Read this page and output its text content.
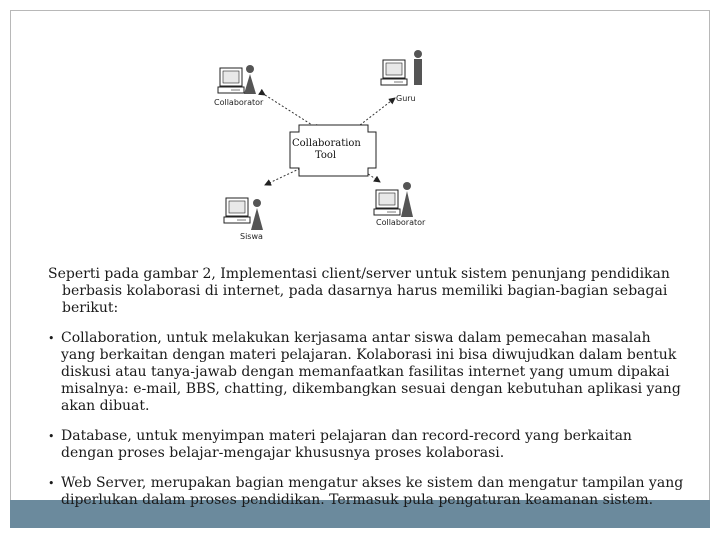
Collaborator	Guru
Collaboration
Tool
Siswa
Collaborator

Seperti pada gambar 2, Implementasi client/server untuk sistem penunjang pendidikan berbasis kolaborasi di internet, pada dasarnya harus memiliki bagian-bagian sebagai berikut:

• Collaboration, untuk melakukan kerjasama antar siswa dalam pemecahan masalah yang berkaitan dengan materi pelajaran. Kolaborasi ini bisa diwujudkan dalam bentuk diskusi atau tanya-jawab dengan memanfaatkan fasilitas internet yang umum dipakai misalnya: e-mail, BBS, chatting, dikembangkan sesuai dengan kebutuhan aplikasi yang akan dibuat.
• Database, untuk menyimpan materi pelajaran dan record-record yang berkaitan dengan proses belajar-mengajar khususnya proses kolaborasi.
• Web Server, merupakan bagian mengatur akses ke sistem dan mengatur tampilan yang diperlukan dalam proses pendidikan. Termasuk pula pengaturan keamanan sistem.
